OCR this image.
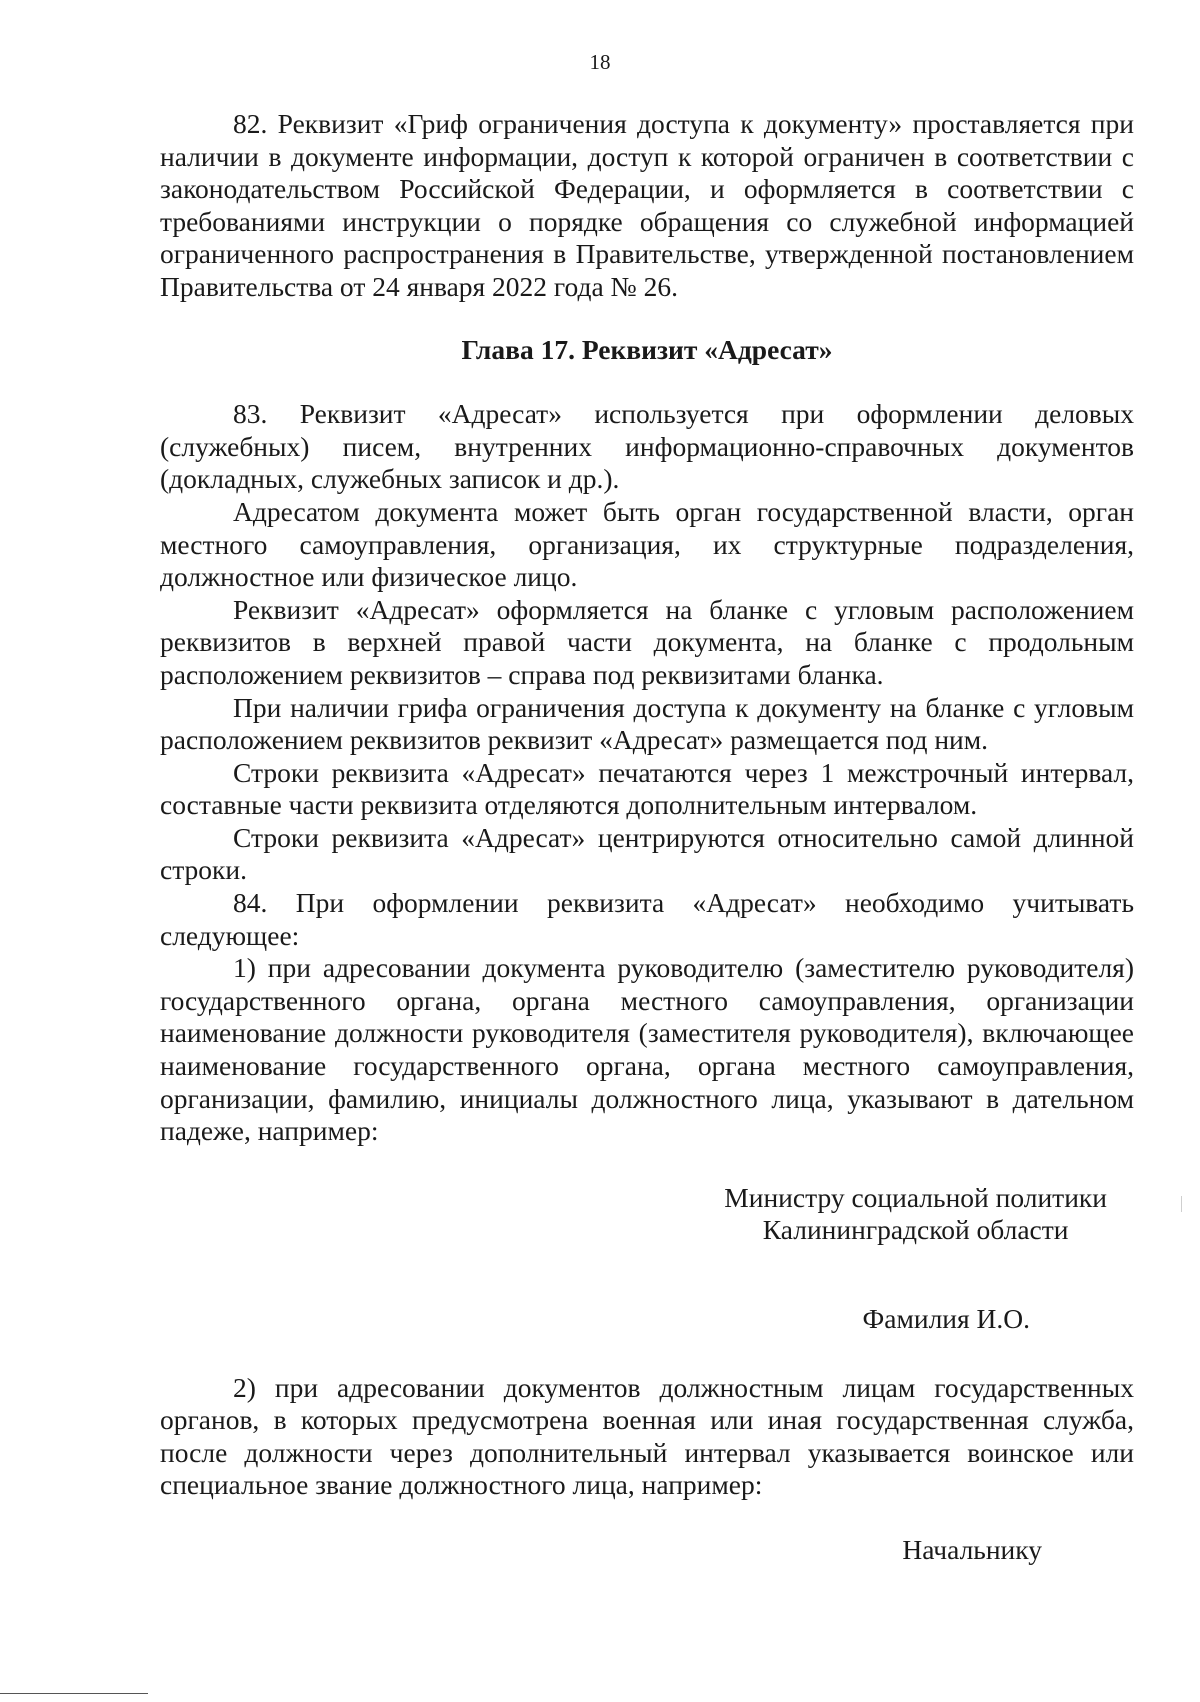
18

82. Реквизит «Гриф ограничения доступа к документу» проставляется при наличии в документе информации, доступ к которой ограничен в соответствии с законодательством Российской Федерации, и оформляется в соответствии с требованиями инструкции о порядке обращения со служебной информацией ограниченного распространения в Правительстве, утвержденной постановлением Правительства от 24 января 2022 года № 26.

Глава 17. Реквизит «Адресат»

83. Реквизит «Адресат» используется при оформлении деловых (служебных) писем, внутренних информационно-справочных документов (докладных, служебных записок и др.).

Адресатом документа может быть орган государственной власти, орган местного самоуправления, организация, их структурные подразделения, должностное или физическое лицо.

Реквизит «Адресат» оформляется на бланке с угловым расположением реквизитов в верхней правой части документа, на бланке с продольным расположением реквизитов – справа под реквизитами бланка.

При наличии грифа ограничения доступа к документу на бланке с угловым расположением реквизитов реквизит «Адресат» размещается под ним.

Строки реквизита «Адресат» печатаются через 1 межстрочный интервал, составные части реквизита отделяются дополнительным интервалом.

Строки реквизита «Адресат» центрируются относительно самой длинной строки.

84. При оформлении реквизита «Адресат» необходимо учитывать следующее:

1) при адресовании документа руководителю (заместителю руководителя) государственного органа, органа местного самоуправления, организации наименование должности руководителя (заместителя руководителя), включающее наименование государственного органа, органа местного самоуправления, организации, фамилию, инициалы должностного лица, указывают в дательном падеже, например:

Министру социальной политики
Калининградской области

Фамилия И.О.

2) при адресовании документов должностным лицам государственных органов, в которых предусмотрена военная или иная государственная служба, после должности через дополнительный интервал указывается воинское или специальное звание должностного лица, например:

Начальнику
